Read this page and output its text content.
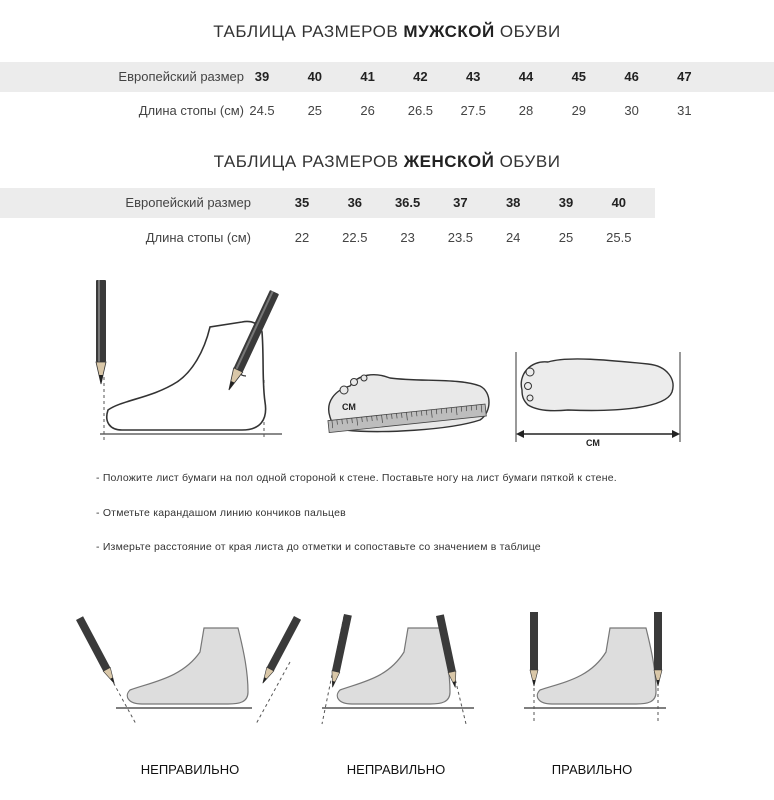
ТАБЛИЦА РАЗМЕРОВ МУЖСКОЙ ОБУВИ
Европейский размер 39	40	41	42	43	44	45	46	47
Длина стопы (см) 24.5	25	26	26.5	27.5	28	29	30	31
ТАБЛИЦА РАЗМЕРОВ ЖЕНСКОЙ ОБУВИ
Европейский размер	35	36	36.5	37	38	39	40
Длина стопы (см)	22	22.5	23	23.5	24	25	25.5
СМ
СМ
- Положите лист бумаги на пол одной стороной к стене. Поставьте ногу на лист бумаги пяткой к стене.
- Отметьте карандашом линию кончиков пальцев
- Измерьте расстояние от края листа до отметки и сопоставьте со значением в таблице
НЕПРАВИЛЬНО	НЕПРАВИЛЬНО	ПРАВИЛЬНО
